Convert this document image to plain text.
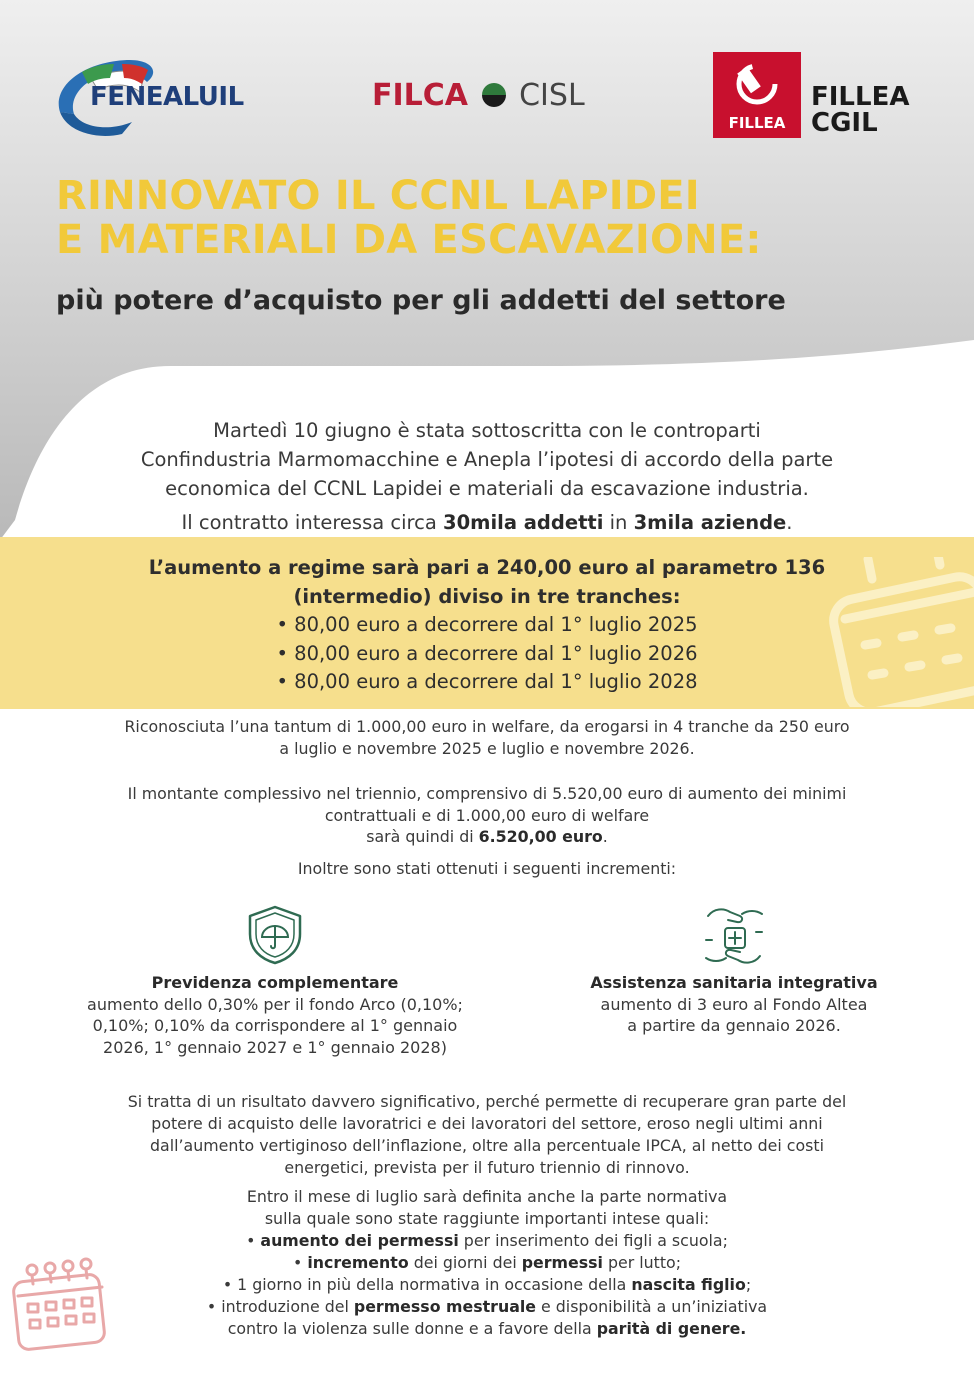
FENEALUIL	FILCA CISL
FILLEA
FILLEA
CGIL
RINNOVATO IL CCNL LAPIDEI
E MATERIALI DA ESCAVAZIONE:
più potere d’acquisto per gli addetti del settore
Martedì 10 giugno è stata sottoscritta con le controparti
Confindustria Marmomacchine e Anepla l’ipotesi di accordo della parte
economica del CCNL Lapidei e materiali da escavazione industria.
Il contratto interessa circa 30mila addetti in 3mila aziende.
L’aumento a regime sarà pari a 240,00 euro al parametro 136
(intermedio) diviso in tre tranches:
• 80,00 euro a decorrere dal 1° luglio 2025
• 80,00 euro a decorrere dal 1° luglio 2026
• 80,00 euro a decorrere dal 1° luglio 2028
Riconosciuta l’una tantum di 1.000,00 euro in welfare, da erogarsi in 4 tranche da 250 euro
a luglio e novembre 2025 e luglio e novembre 2026.
Il montante complessivo nel triennio, comprensivo di 5.520,00 euro di aumento dei minimi
contrattuali e di 1.000,00 euro di welfare
sarà quindi di 6.520,00 euro.
Inoltre sono stati ottenuti i seguenti incrementi:
Previdenza complementare
aumento dello 0,30% per il fondo Arco (0,10%;
0,10%; 0,10% da corrispondere al 1° gennaio
2026, 1° gennaio 2027 e 1° gennaio 2028)
Assistenza sanitaria integrativa
aumento di 3 euro al Fondo Altea
a partire da gennaio 2026.
Si tratta di un risultato davvero significativo, perché permette di recuperare gran parte del
potere di acquisto delle lavoratrici e dei lavoratori del settore, eroso negli ultimi anni
dall’aumento vertiginoso dell’inflazione, oltre alla percentuale IPCA, al netto dei costi
energetici, prevista per il futuro triennio di rinnovo.
Entro il mese di luglio sarà definita anche la parte normativa
sulla quale sono state raggiunte importanti intese quali:
• aumento dei permessi per inserimento dei figli a scuola;
• incremento dei giorni dei permessi per lutto;
• 1 giorno in più della normativa in occasione della nascita figlio;
• introduzione del permesso mestruale e disponibilità a un’iniziativa
contro la violenza sulle donne e a favore della parità di genere.
